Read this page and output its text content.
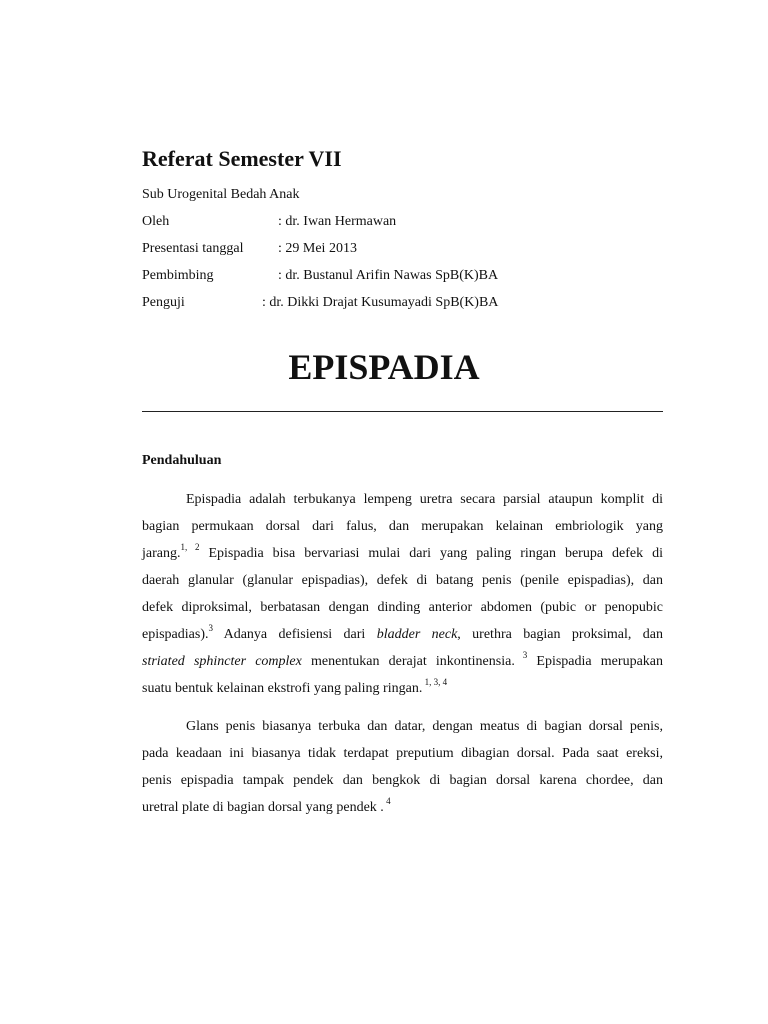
Referat Semester VII
Sub Urogenital Bedah Anak
Oleh	: dr. Iwan Hermawan
Presentasi tanggal : 29 Mei 2013
Pembimbing	: dr. Bustanul Arifin Nawas SpB(K)BA
Penguji	: dr. Dikki Drajat Kusumayadi SpB(K)BA
EPISPADIA
Pendahuluan
Epispadia adalah terbukanya lempeng uretra secara parsial ataupun komplit di
bagian permukaan dorsal dari falus, dan merupakan kelainan embriologik yang
jarang.$^{1, 2}$ Epispadia bisa bervariasi mulai dari yang paling ringan berupa defek di
daerah glanular (glanular epispadias), defek di batang penis (penile epispadias), dan
defek diproksimal, berbatasan dengan dinding anterior abdomen (pubic or penopubic
epispadias).$^3$ Adanya defisiensi dari bladder neck, urethra bagian proksimal, dan
striated sphincter complex menentukan derajat inkontinensia. $^3$ Epispadia merupakan
suatu bentuk kelainan ekstrofi yang paling ringan. $^{1, 3, 4}$
Glans penis biasanya terbuka dan datar, dengan meatus di bagian dorsal penis,
pada keadaan ini biasanya tidak terdapat preputium dibagian dorsal. Pada saat ereksi,
penis epispadia tampak pendek dan bengkok di bagian dorsal karena chordee, dan
uretral plate di bagian dorsal yang pendek . $^4$
